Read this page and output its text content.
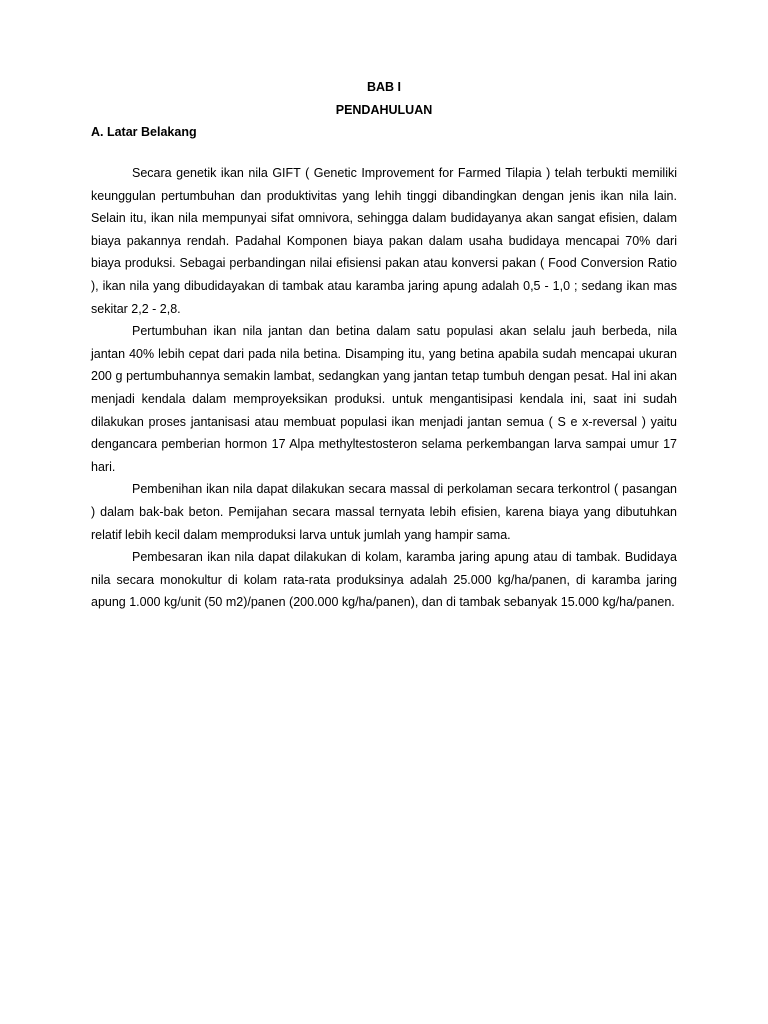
BAB I
PENDAHULUAN
A. Latar Belakang

Secara genetik ikan nila GIFT ( Genetic Improvement for Farmed Tilapia ) telah terbukti memiliki keunggulan pertumbuhan dan produktivitas yang lehih tinggi dibandingkan dengan jenis ikan nila lain. Selain itu, ikan nila mempunyai sifat omnivora, sehingga dalam budidayanya akan sangat efisien, dalam biaya pakannya rendah. Padahal Komponen biaya pakan dalam usaha budidaya mencapai 70% dari biaya produksi. Sebagai perbandingan nilai efisiensi pakan atau konversi pakan ( Food Conversion Ratio ), ikan nila yang dibudidayakan di tambak atau karamba jaring apung adalah 0,5 - 1,0 ; sedang ikan mas sekitar 2,2 - 2,8.

Pertumbuhan ikan nila jantan dan betina dalam satu populasi akan selalu jauh berbeda, nila jantan 40% lebih cepat dari pada nila betina. Disamping itu, yang betina apabila sudah mencapai ukuran 200 g pertumbuhannya semakin lambat, sedangkan yang jantan tetap tumbuh dengan pesat. Hal ini akan menjadi kendala dalam memproyeksikan produksi. untuk mengantisipasi kendala ini, saat ini sudah dilakukan proses jantanisasi atau membuat populasi ikan menjadi jantan semua ( S e x-reversal ) yaitu dengancara pemberian hormon 17 Alpa methyltestosteron selama perkembangan larva sampai umur 17 hari.

Pembenihan ikan nila dapat dilakukan secara massal di perkolaman secara terkontrol ( pasangan ) dalam bak-bak beton. Pemijahan secara massal ternyata lebih efisien, karena biaya yang dibutuhkan relatif lebih kecil dalam memproduksi larva untuk jumlah yang hampir sama.

Pembesaran ikan nila dapat dilakukan di kolam, karamba jaring apung atau di tambak. Budidaya nila secara monokultur di kolam rata-rata produksinya adalah 25.000 kg/ha/panen, di karamba jaring apung 1.000 kg/unit (50 m2)/panen (200.000 kg/ha/panen), dan di tambak sebanyak 15.000 kg/ha/panen.
